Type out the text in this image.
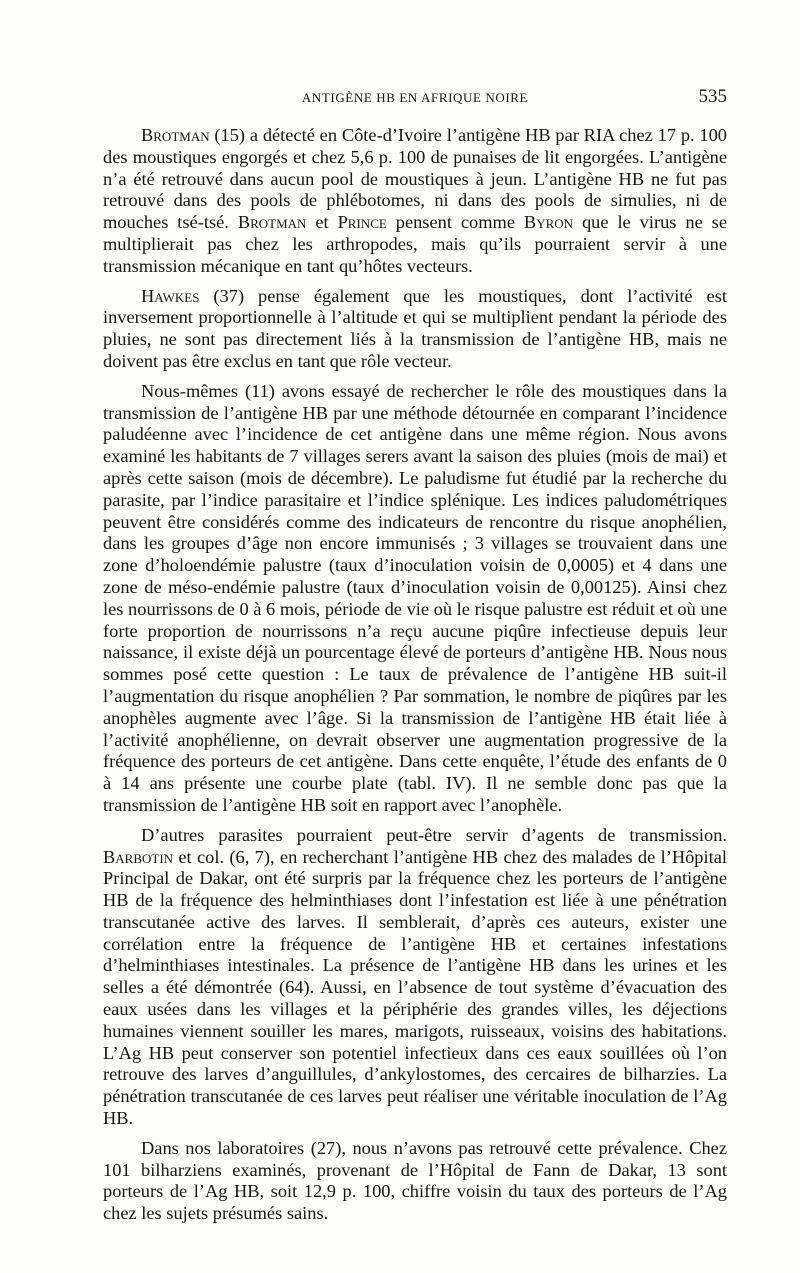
ANTIGÈNE HB EN AFRIQUE NOIRE	535

Brotman (15) a détecté en Côte-d’Ivoire l’antigène HB par RIA chez 17 p. 100 des moustiques engorgés et chez 5,6 p. 100 de punaises de lit engorgées. L’antigène n’a été retrouvé dans aucun pool de moustiques à jeun. L’antigène HB ne fut pas retrouvé dans des pools de phlébotomes, ni dans des pools de simulies, ni de mouches tsé-tsé. Brotman et Prince pensent comme Byron que le virus ne se multiplierait pas chez les arthropodes, mais qu’ils pourraient servir à une transmission mécanique en tant qu’hôtes vecteurs.

Hawkes (37) pense également que les moustiques, dont l’activité est inversement proportionnelle à l’altitude et qui se multiplient pendant la période des pluies, ne sont pas directement liés à la transmission de l’antigène HB, mais ne doivent pas être exclus en tant que rôle vecteur.

Nous-mêmes (11) avons essayé de rechercher le rôle des moustiques dans la transmission de l’antigène HB par une méthode détournée en comparant l’incidence paludéenne avec l’incidence de cet antigène dans une même région. Nous avons examiné les habitants de 7 villages serers avant la saison des pluies (mois de mai) et après cette saison (mois de décembre). Le paludisme fut étudié par la recherche du parasite, par l’indice parasitaire et l’indice splénique. Les indices paludométriques peuvent être considérés comme des indicateurs de rencontre du risque anophélien, dans les groupes d’âge non encore immunisés ; 3 villages se trouvaient dans une zone d’holoendémie palustre (taux d’inoculation voisin de 0,0005) et 4 dans une zone de méso-endémie palustre (taux d’inoculation voisin de 0,00125). Ainsi chez les nourrissons de 0 à 6 mois, période de vie où le risque palustre est réduit et où une forte proportion de nourrissons n’a reçu aucune piqûre infectieuse depuis leur naissance, il existe déjà un pourcentage élevé de porteurs d’antigène HB. Nous nous sommes posé cette question : Le taux de prévalence de l’antigène HB suit-il l’augmentation du risque anophélien ? Par sommation, le nombre de piqûres par les anophèles augmente avec l’âge. Si la transmission de l’antigène HB était liée à l’activité anophélienne, on devrait observer une augmentation progressive de la fréquence des porteurs de cet antigène. Dans cette enquête, l’étude des enfants de 0 à 14 ans présente une courbe plate (tabl. IV). Il ne semble donc pas que la transmission de l’antigène HB soit en rapport avec l’anophèle.

D’autres parasites pourraient peut-être servir d’agents de transmission. Barbotin et col. (6, 7), en recherchant l’antigène HB chez des malades de l’Hôpital Principal de Dakar, ont été surpris par la fréquence chez les porteurs de l’antigène HB de la fréquence des helminthiases dont l’infestation est liée à une pénétration transcutanée active des larves. Il semblerait, d’après ces auteurs, exister une corrélation entre la fréquence de l’antigène HB et certaines infestations d’helminthiases intestinales. La présence de l’antigène HB dans les urines et les selles a été démontrée (64). Aussi, en l’absence de tout système d’évacuation des eaux usées dans les villages et la périphérie des grandes villes, les déjections humaines viennent souiller les mares, marigots, ruisseaux, voisins des habitations. L’Ag HB peut conserver son potentiel infectieux dans ces eaux souillées où l’on retrouve des larves d’anguillules, d’ankylostomes, des cercaires de bilharzies. La pénétration transcutanée de ces larves peut réaliser une véritable inoculation de l’Ag HB.

Dans nos laboratoires (27), nous n’avons pas retrouvé cette prévalence. Chez 101 bilharziens examinés, provenant de l’Hôpital de Fann de Dakar, 13 sont porteurs de l’Ag HB, soit 12,9 p. 100, chiffre voisin du taux des porteurs de l’Ag chez les sujets présumés sains.
